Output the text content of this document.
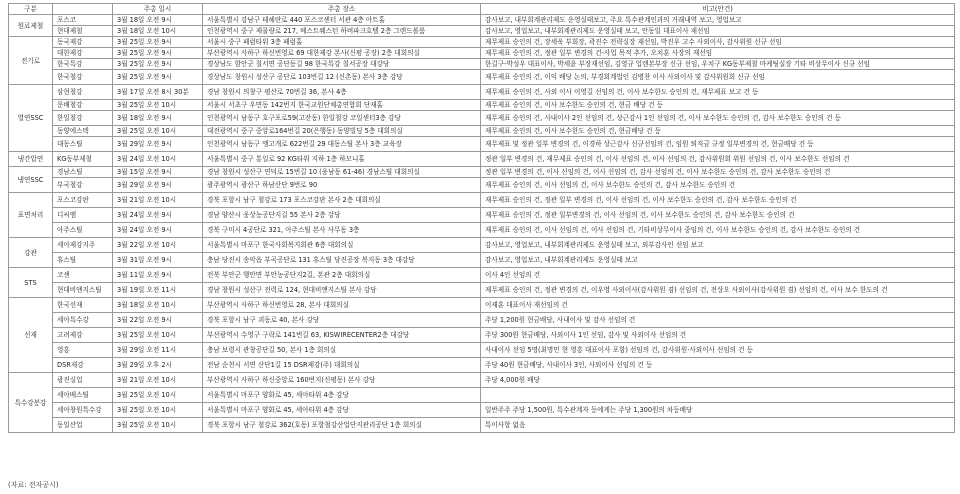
구분		주총 일시	주총 장소	비고(안건)
원료제철	포스코	3월 18일 오전 9시	서울특별시 강남구 테헤란로 440 포스코센터 서관 4층 아트홀	감사보고, 내부회계관리제도 운영실태보고, 주요 특수관계인과의 거래내역 보고, 영업보고
	현대제철	3월 18일 오전 10시	인천광역시 중구 제물량로 217, 베스트웨스턴 하버파크호텔 2층 그랜드볼룸	감사보고, 영업보고, 내부회계관리제도 운영실태 보고, 안동일 대표이사 재선임
전기로	동국제강	3월 25일 오전 9시	서울시 중구 페럼타워 3층 페럼홀	재무제표 승인의 건, 장세욱 부회장, 곽진수 전략실장 재선임, 박진우 고수 사외이사, 감사위원 신규 선임
	대한제강	3월 25일 오전 9시	부산광역시 사하구 하신번영로 69 대한제강 본사(신평 공장) 2층 대회의실	재무제표 승인의 건, 정관 일부 변경의 건-사업 목적 추가, 오치훈 사장의 재선임
	한국특강	3월 25일 오전 9시	경상남도 함안군 칠서면 공단동길 98 한국특강 칠서공장 대강당	한길구-박성우 대표이사, 박세윤 부장재선임, 김영규 업랜본부장 신규 선임, 우치구 KG동부제철 마케팅실장 기타 비상무이사 신규 선임
	한국철강	3월 25일 오전 9시	경상남도 창원시 성산구 공단로 103번길 12 (신촌동) 본사 3층 강당	재무제표 승인의 건, 이익 배당 논의, 부경회계법인 김병찬 이사 사외이사 및 감사위원회 신규 선임
열연SSC	삼현철강	3월 17일 오전 8시 30분	경남 창원시 의창구 평산로 70번길 36, 본사 4층	재무제표 승인의 건, 사외 이사 이영길 선임의 건, 이사 보수한도 승인의 건, 재무제표 보고 건 등
	문배철강	3월 25일 오전 10시	서울시 서초구 우면동 142번지 한국교원단체총연합회 단재홀	재무제표 승인의 건, 이사 보수한도 승인의 건, 현금 배당 건 등
	한일철강	3월 18일 오전 9시	인천광역시 남동구 호구포로59(고잔동) 한일철강 코일센터3층 강당	재무제표 승인의 건, 사내이사 2인 선임의 건, 상근감사 1인 선임의 건, 이사 보수한도 승인의 건, 감사 보수한도 승인의 건 등
	동양에스텍	3월 25일 오전 10시	대전광역시 중구 중앙로164번길 20(은행동) 동양빌딩 5층 대회의실	재무제표 승인의 건, 이사 보수한도 승인의 건, 현금배당 건 등
	대동스틸	3월 29일 오전 9시	인천광역시 남동구 앵고개로 622번길 29 대동스틸 본사 3층 교육장	재무제표 및 정관 일부 변경의 건, 이경하 상근감사 신규선임의 건, 임원 퇴직금 규정 일부변경의 건, 현금배당 건 등
냉간압연	KG동부제철	3월 24일 오전 10시	서울특별시 중구 통일로 92 KG타워 지하 1층 하모니홀	정관 일부 변경의 건, 재무제표 승인의 건, 이사 선임의 건, 이사 선임의 건, 감사위원회 위원 선임의 건, 이사 보수한도 선임의 건
냉연SSC	경남스틸	3월 15일 오전 9시	경남 창원시 성산구 연덕로 15번길 10 (웅남동 61-46) 경남스틸 대회의실	정관 일부 변경의 건, 이사 선임의 건, 이사 선임의 건, 감사 선임의 건, 이사 보수한도 승인의 건, 감사 보수한도 승인의 건
	부국철강	3월 29일 오전 9시	광주광역시 광산구 하남산단 9번로 90	재무제표 승인의 건, 이사 선임의 건, 이사 보수한도 승인의 건, 감사 보수한도 승인의 건
표면처리	포스코강판	3월 21일 오전 10시	경북 포항시 남구 철강로 173 포스코강판 본사 2층 대회의실	재무제표 승인의 건, 정관 일부 변경의 건, 이사 선임의 건, 이사 보수한도 승인의 건, 감사 보수한도 승인의 건
	디씨엠	3월 24일 오전 9시	경남 양산시 웅상농공단지길 55 본사 2층 강당	재무제표 승인의 건, 정관 일부변경의 건, 이사 선임의 건, 이사 보수한도 승인의 건, 감사 보수한도 승인의 건
	아주스틸	3월 24일 오전 9시	경북 구미시 4공단로 321, 아주스틸 본사 사무동 3층	재무제표 승인의 건, 이사 선임의 건, 이사 선임의 건, 기타비상무이사 중임의 건, 이사 보수한도 승인의 건, 감사 보수한도 승인의 건
강관	세아제강지주	3월 22일 오전 10시	서울특별시 마포구 한국사회복지회관 6층 대회의실	감사보고, 영업보고, 내부회계관리제도 운영실태 보고, 외부감사인 선임 보고
	휴스틸	3월 31일 오전 9시	충남 당진시 송악읍 부곡공단로 131 휴스틸 당진공장 복지동 3층 대강당	감사보고, 영업보고, 내부회계관리제도 운영실태 보고
STS	코센	3월 11일 오전 9시	전북 부안군 행안면 부안농공단지2길, 본관 2층 대회의실	이사 4인 선임의 건
	현대비앤지스틸	3월 19일 오전 11시	경남 창원시 성산구 전력로 124, 현대비앤지스틸 본사 강당	재무제표 승인의 건, 정관 변경의 건, 이우영 사외이사(감사위원 겸) 선임의 건, 전상오 사외이사(감사위원 겸) 선임의 건, 이사 보수 한도의 건
선재	한국선재	3월 18일 오전 10시	부산광역시 사하구 하신번영로 28, 본사 대회의실	이재훈 대표이사 재선임의 건
	세아특수강	3월 22일 오전 9시	경북 포항시 남구 괴동로 40, 본사 강당	주당 1,200원 현금배당, 사내이사 및 감사 선임의 건
	고려제강	3월 25일 오전 10시	부산광역시 수영구 구락로 141번길 63, KISWIRECENTER2층 대강당	주당 300원 현금배당, 사외이사 1인 선임, 감사 및 사외이사 선임의 건
	영흥	3월 29일 오전 11시	충남 보령시 관창공단길 50, 본사 1층 회의실	사내이사 선임 5명(최명민 현 영흥 대표이사 포함) 선임의 건, 감사위원·사외이사 선임의 건 등
	DSR제강	3월 29일 오후 2시	전남 순천시 서면 산단1길 15 DSR제강(주) 대회의실	주당 40원 현금배당, 사내이사 3인, 사외이사 선임의 건 등
특수강봉강	광진실업	3월 21일 오전 10시	부산광역시 사하구 하신중앙로 160번지(신평동) 본사 강당	주당 4,000원 배당
	세아베스틸	3월 25일 오전 10시	서울특별시 마포구 양화로 45, 세아타워 4층 강당	
	세아창원특수강	3월 25일 오전 10시	서울특별시 마포구 양화로 45, 세아타워 4층 강당	일반주주 주당 1,500원, 특수관계자 등에게는 주당 1,300원의 차등배당
	동일산업	3월 25일 오전 10시	경북 포항시 남구 철강로 362(호동) 포항철강산업단지관리공단 1층 회의실	특이사항 없음
(자료: 전자공시)
